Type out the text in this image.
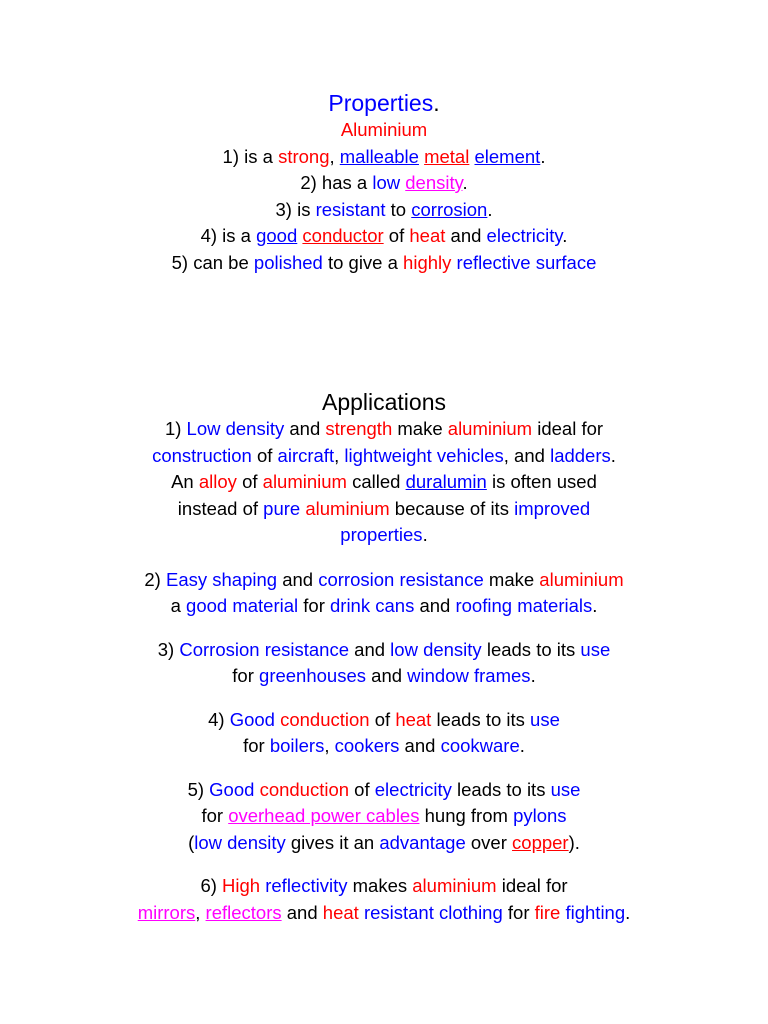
Properties.
Aluminium
1) is a strong, malleable metal element.
2) has a low density.
3) is resistant to corrosion.
4) is a good conductor of heat and electricity.
5) can be polished to give a highly reflective surface
Applications
1) Low density and strength make aluminium ideal for
construction of aircraft, lightweight vehicles, and ladders.
An alloy of aluminium called duralumin is often used
instead of pure aluminium because of its improved
properties.
2) Easy shaping and corrosion resistance make aluminium
a good material for drink cans and roofing materials.
3) Corrosion resistance and low density leads to its use
for greenhouses and window frames.
4) Good conduction of heat leads to its use
for boilers, cookers and cookware.
5) Good conduction of electricity leads to its use
for overhead power cables hung from pylons
(low density gives it an advantage over copper).
6) High reflectivity makes aluminium ideal for
mirrors, reflectors and heat resistant clothing for fire fighting.
